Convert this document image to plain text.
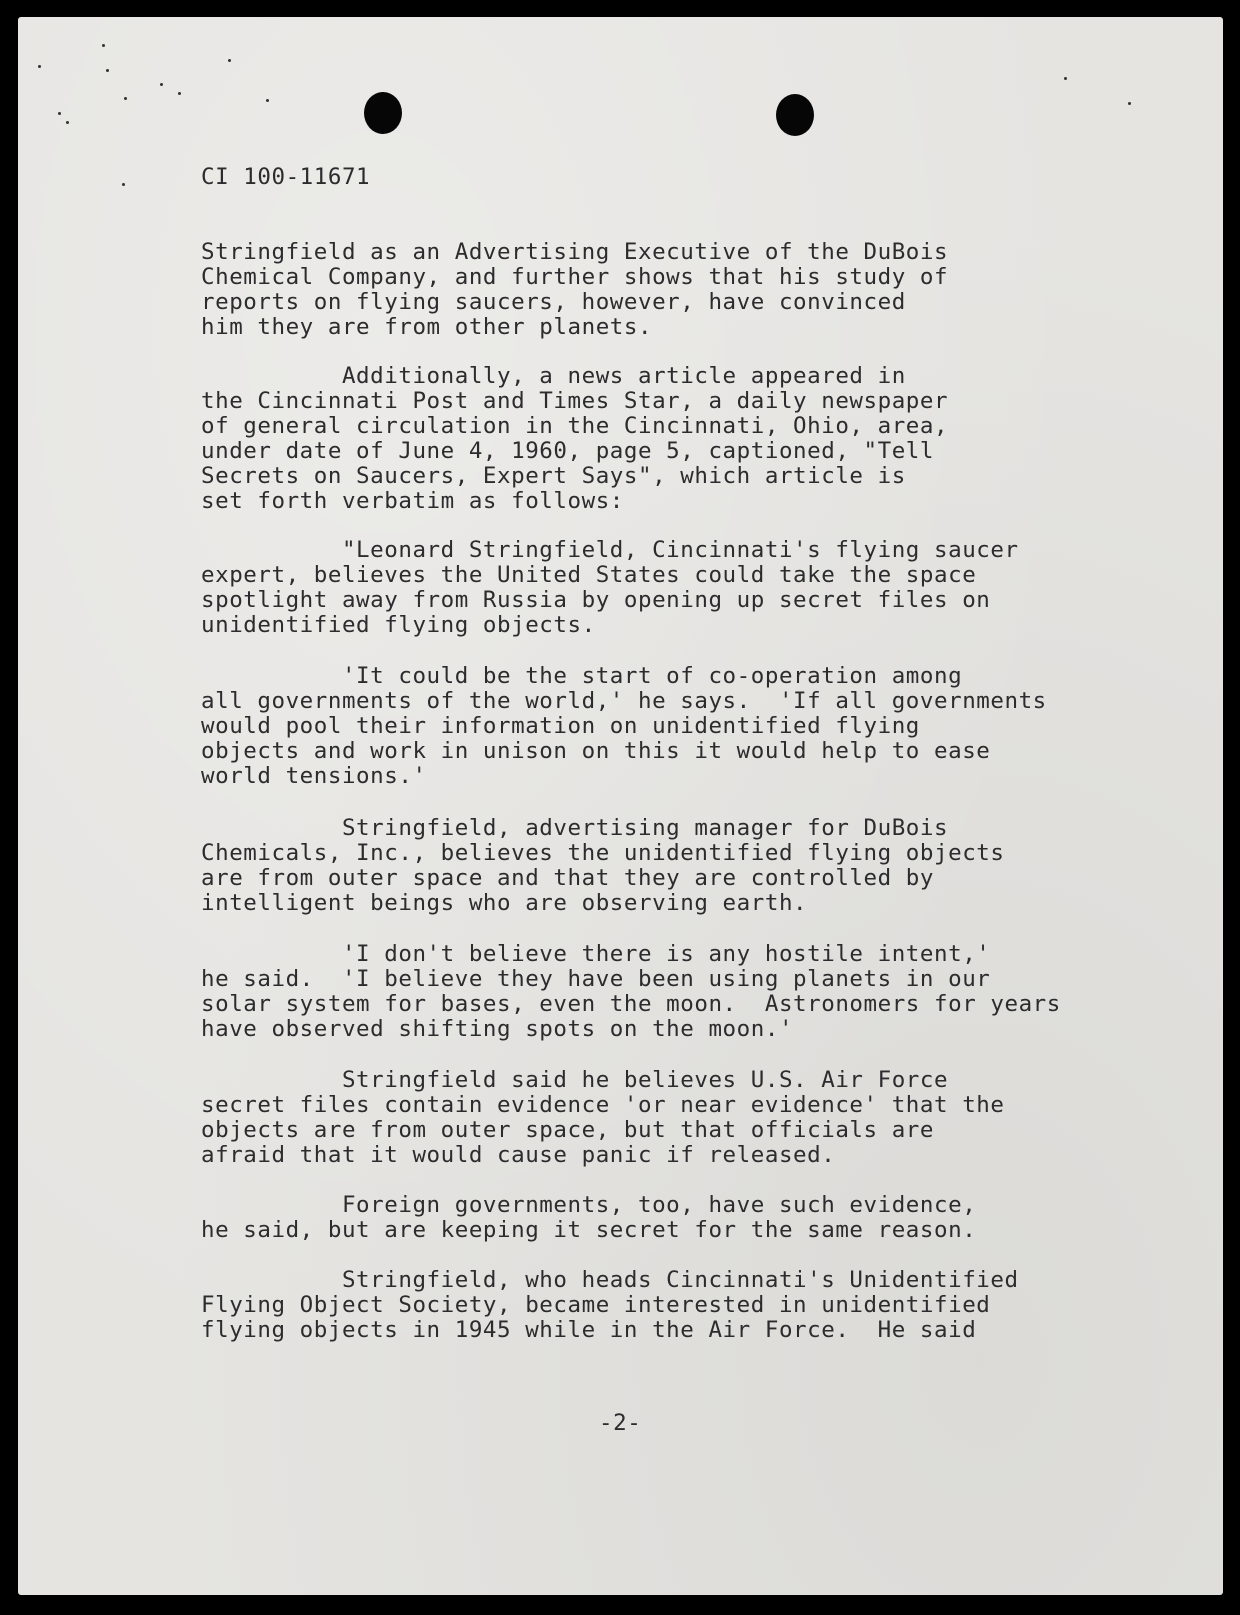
CI 100-11671
Stringfield as an Advertising Executive of the DuBois
Chemical Company, and further shows that his study of
reports on flying saucers, however, have convinced
him they are from other planets.
Additionally, a news article appeared in
the Cincinnati Post and Times Star, a daily newspaper
of general circulation in the Cincinnati, Ohio, area,
under date of June 4, 1960, page 5, captioned, "Tell
Secrets on Saucers, Expert Says", which article is
set forth verbatim as follows:
"Leonard Stringfield, Cincinnati's flying saucer
expert, believes the United States could take the space
spotlight away from Russia by opening up secret files on
unidentified flying objects.
'It could be the start of co-operation among
all governments of the world,' he says.  'If all governments
would pool their information on unidentified flying
objects and work in unison on this it would help to ease
world tensions.'
Stringfield, advertising manager for DuBois
Chemicals, Inc., believes the unidentified flying objects
are from outer space and that they are controlled by
intelligent beings who are observing earth.
'I don't believe there is any hostile intent,'
he said.  'I believe they have been using planets in our
solar system for bases, even the moon.  Astronomers for years
have observed shifting spots on the moon.'
Stringfield said he believes U.S. Air Force
secret files contain evidence 'or near evidence' that the
objects are from outer space, but that officials are
afraid that it would cause panic if released.
Foreign governments, too, have such evidence,
he said, but are keeping it secret for the same reason.
Stringfield, who heads Cincinnati's Unidentified
Flying Object Society, became interested in unidentified
flying objects in 1945 while in the Air Force.  He said
-2-
